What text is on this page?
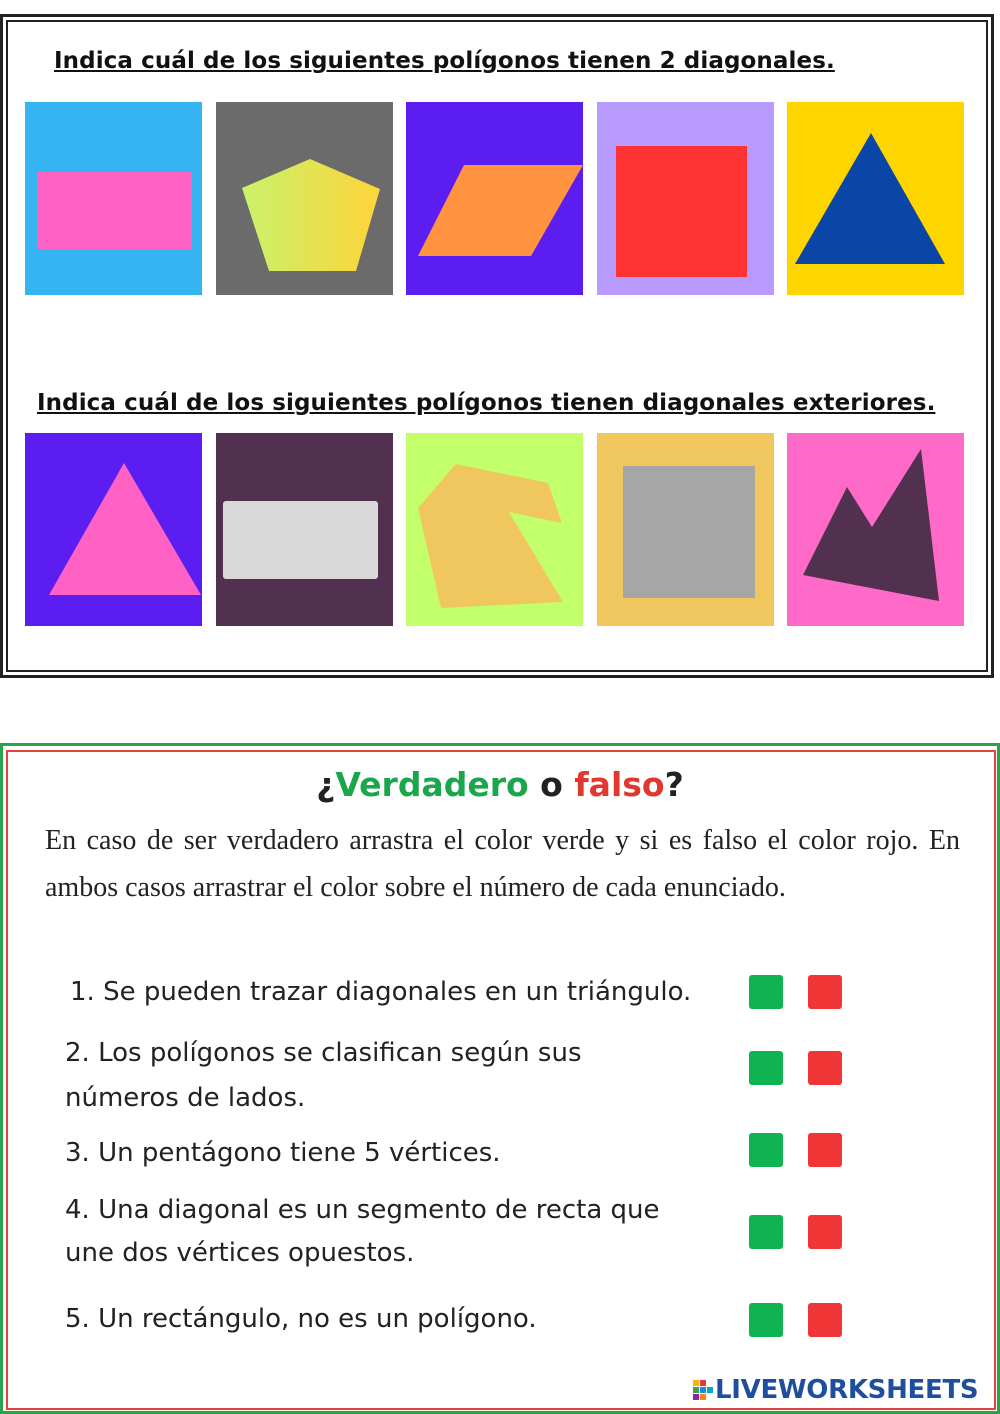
Indica cuál de los siguientes polígonos tienen 2 diagonales.
Indica cuál de los siguientes polígonos tienen diagonales exteriores.
¿Verdadero o falso?
En caso de ser verdadero arrastra el color verde y si es falso el color rojo. En ambos casos arrastrar el color sobre el número de cada enunciado.
1. Se pueden trazar diagonales en un triángulo.
2. Los polígonos se clasifican según sus
números de lados.
3. Un pentágono tiene 5 vértices.
4. Una diagonal es un segmento de recta que
une dos vértices opuestos.
5. Un rectángulo, no es un polígono.
LIVEWORKSHEETS
